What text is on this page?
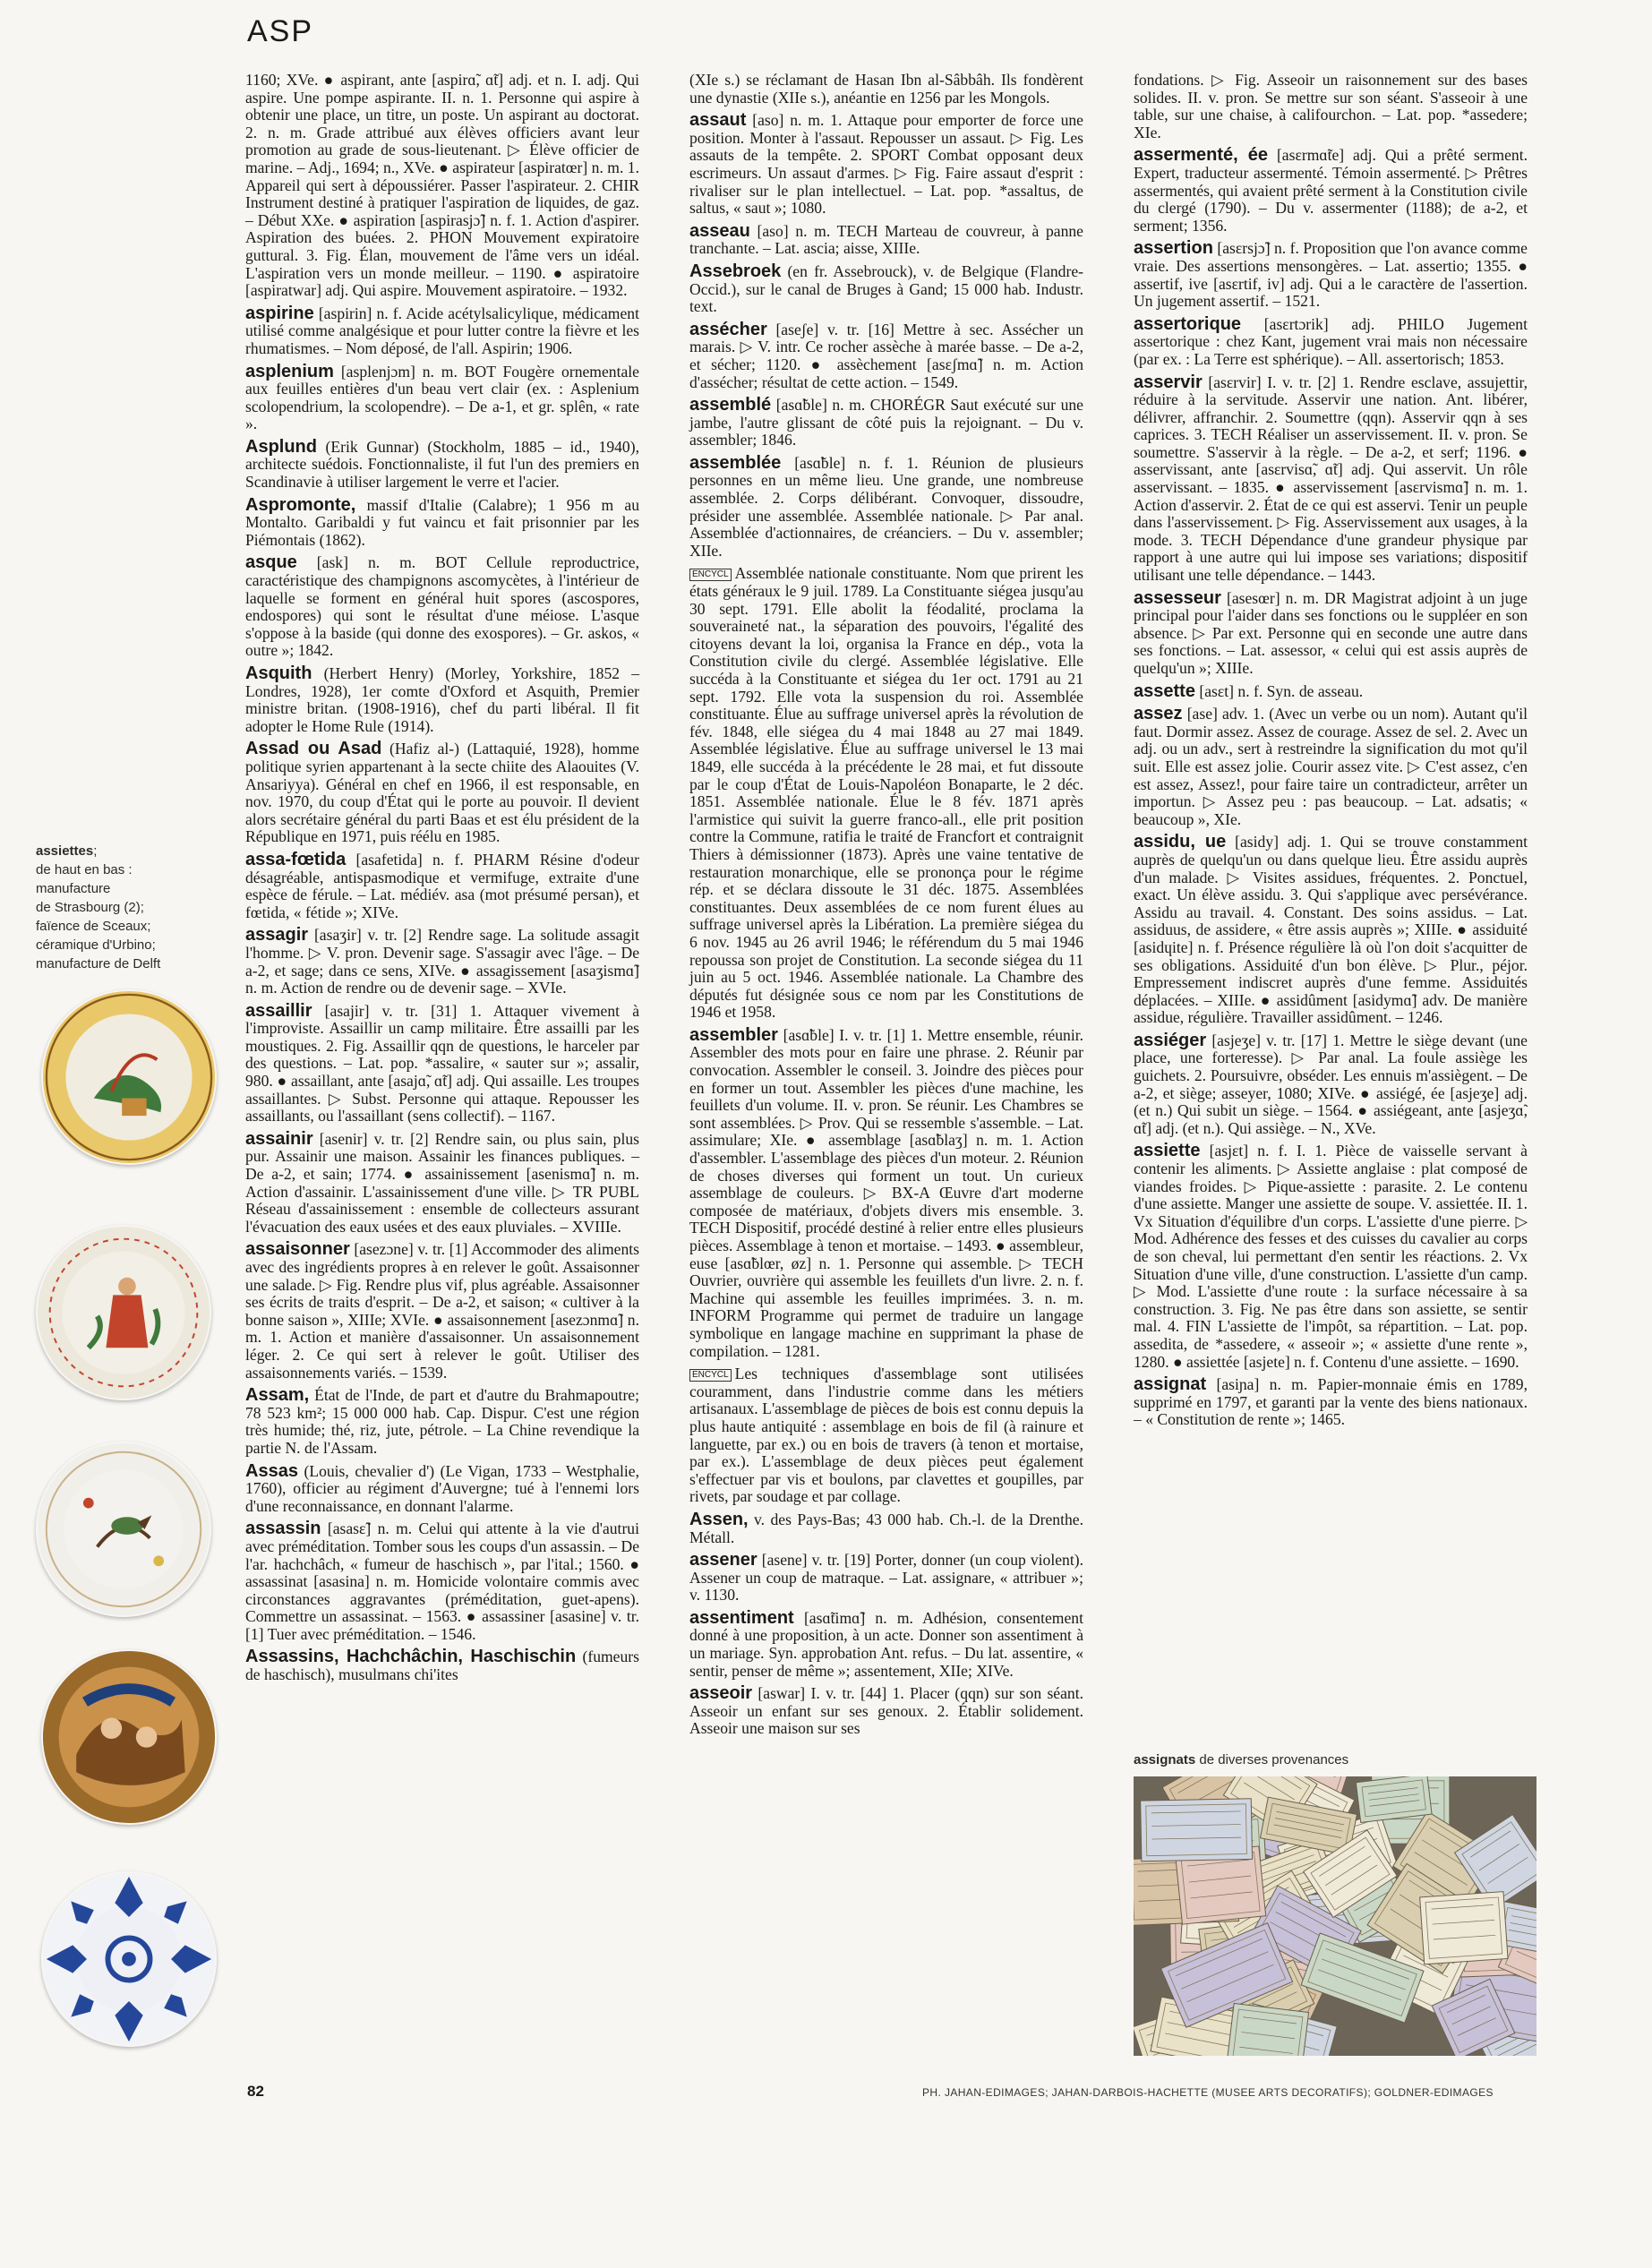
ASP
assiettes;
de haut en bas :
manufacture
de Strasbourg (2);
faïence de Sceaux;
céramique d'Urbino;
manufacture de Delft

1160; XVe. ● aspirant, ante [aspirɑ̃, ɑ̃t] adj. et n. I. adj. Qui aspire. Une pompe aspirante. II. n. 1. Personne qui aspire à obtenir une place, un titre, un poste. Un aspirant au doctorat. 2. n. m. Grade attribué aux élèves officiers avant leur promotion au grade de sous-lieutenant. ▷ Élève officier de marine. – Adj., 1694; n., XVe. ● aspirateur [aspiratœr] n. m. 1. Appareil qui sert à dépoussiérer. Passer l'aspirateur. 2. CHIR Instrument destiné à pratiquer l'aspiration de liquides, de gaz. – Début XXe. ● aspiration [aspirasjɔ̃] n. f. 1. Action d'aspirer. Aspiration des buées. 2. PHON Mouvement expiratoire guttural. 3. Fig. Élan, mouvement de l'âme vers un idéal. L'aspiration vers un monde meilleur. – 1190. ● aspiratoire [aspiratwar] adj. Qui aspire. Mouvement aspiratoire. – 1932.

aspirine [aspirin] n. f. Acide acétylsalicylique, médicament utilisé comme analgésique et pour lutter contre la fièvre et les rhumatismes. – Nom déposé, de l'all. Aspirin; 1906.

asplenium [asplenjɔm] n. m. BOT Fougère ornementale aux feuilles entières d'un beau vert clair (ex. : Asplenium scolopendrium, la scolopendre). – De a-1, et gr. splên, « rate ».

Asplund (Erik Gunnar) (Stockholm, 1885 – id., 1940), architecte suédois. Fonctionnaliste, il fut l'un des premiers en Scandinavie à utiliser largement le verre et l'acier.

Aspromonte, massif d'Italie (Calabre); 1 956 m au Montalto. Garibaldi y fut vaincu et fait prisonnier par les Piémontais (1862).

asque [ask] n. m. BOT Cellule reproductrice, caractéristique des champignons ascomycètes, à l'intérieur de laquelle se forment en général huit spores (ascospores, endospores) qui sont le résultat d'une méiose. L'asque s'oppose à la baside (qui donne des exospores). – Gr. askos, « outre »; 1842.

Asquith (Herbert Henry) (Morley, Yorkshire, 1852 – Londres, 1928), 1er comte d'Oxford et Asquith, Premier ministre britan. (1908-1916), chef du parti libéral. Il fit adopter le Home Rule (1914).

Assad ou Asad (Hafiz al-) (Lattaquié, 1928), homme politique syrien appartenant à la secte chiite des Alaouites (V. Ansariyya). Général en chef en 1966, il est responsable, en nov. 1970, du coup d'État qui le porte au pouvoir. Il devient alors secrétaire général du parti Baas et est élu président de la République en 1971, puis réélu en 1985.

assa-fœtida [asafetida] n. f. PHARM Résine d'odeur désagréable, antispasmodique et vermifuge, extraite d'une espèce de férule. – Lat. médiév. asa (mot présumé persan), et fœtida, « fétide »; XIVe.

assagir [asaʒir] v. tr. [2] Rendre sage. La solitude assagit l'homme. ▷ V. pron. Devenir sage. S'assagir avec l'âge. – De a-2, et sage; dans ce sens, XIVe. ● assagissement [asaʒismɑ̃] n. m. Action de rendre ou de devenir sage. – XVIe.

assaillir [asajir] v. tr. [31] 1. Attaquer vivement à l'improviste. Assaillir un camp militaire. Être assailli par les moustiques. 2. Fig. Assaillir qqn de questions, le harceler par des questions. – Lat. pop. *assalire, « sauter sur »; assalir, 980. ● assaillant, ante [asajɑ̃, ɑ̃t] adj. Qui assaille. Les troupes assaillantes. ▷ Subst. Personne qui attaque. Repousser les assaillants, ou l'assaillant (sens collectif). – 1167.

assainir [asenir] v. tr. [2] Rendre sain, ou plus sain, plus pur. Assainir une maison. Assainir les finances publiques. – De a-2, et sain; 1774. ● assainissement [asenismɑ̃] n. m. Action d'assainir. L'assainissement d'une ville. ▷ TR PUBL Réseau d'assainissement : ensemble de collecteurs assurant l'évacuation des eaux usées et des eaux pluviales. – XVIIIe.

assaisonner [asezɔne] v. tr. [1] Accommoder des aliments avec des ingrédients propres à en relever le goût. Assaisonner une salade. ▷ Fig. Rendre plus vif, plus agréable. Assaisonner ses écrits de traits d'esprit. – De a-2, et saison; « cultiver à la bonne saison », XIIIe; XVIe. ● assaisonnement [asezɔnmɑ̃] n. m. 1. Action et manière d'assaisonner. Un assaisonnement léger. 2. Ce qui sert à relever le goût. Utiliser des assaisonnements variés. – 1539.

Assam, État de l'Inde, de part et d'autre du Brahmapoutre; 78 523 km²; 15 000 000 hab. Cap. Dispur. C'est une région très humide; thé, riz, jute, pétrole. – La Chine revendique la partie N. de l'Assam.

Assas (Louis, chevalier d') (Le Vigan, 1733 – Westphalie, 1760), officier au régiment d'Auvergne; tué à l'ennemi lors d'une reconnaissance, en donnant l'alarme.

assassin [asasɛ̃] n. m. Celui qui attente à la vie d'autrui avec préméditation. Tomber sous les coups d'un assassin. – De l'ar. hachchâch, « fumeur de haschisch », par l'ital.; 1560. ● assassinat [asasina] n. m. Homicide volontaire commis avec circonstances aggravantes (préméditation, guet-apens). Commettre un assassinat. – 1563. ● assassiner [asasine] v. tr. [1] Tuer avec préméditation. – 1546.

Assassins, Hachchâchin, Haschischin (fumeurs de haschisch), musulmans chi'ites

(XIe s.) se réclamant de Hasan Ibn al-Sâbbâh. Ils fondèrent une dynastie (XIIe s.), anéantie en 1256 par les Mongols.

assaut [aso] n. m. 1. Attaque pour emporter de force une position. Monter à l'assaut. Repousser un assaut. ▷ Fig. Les assauts de la tempête. 2. SPORT Combat opposant deux escrimeurs. Un assaut d'armes. ▷ Fig. Faire assaut d'esprit : rivaliser sur le plan intellectuel. – Lat. pop. *assaltus, de saltus, « saut »; 1080.

asseau [aso] n. m. TECH Marteau de couvreur, à panne tranchante. – Lat. ascia; aisse, XIIIe.

Assebroek (en fr. Assebrouck), v. de Belgique (Flandre-Occid.), sur le canal de Bruges à Gand; 15 000 hab. Industr. text.

assécher [aseʃe] v. tr. [16] Mettre à sec. Assécher un marais. ▷ V. intr. Ce rocher assèche à marée basse. – De a-2, et sécher; 1120. ● assèchement [asɛʃmɑ̃] n. m. Action d'assécher; résultat de cette action. – 1549.

assemblé [asɑ̃ble] n. m. CHORÉGR Saut exécuté sur une jambe, l'autre glissant de côté puis la rejoignant. – Du v. assembler; 1846.

assemblée [asɑ̃ble] n. f. 1. Réunion de plusieurs personnes en un même lieu. Une grande, une nombreuse assemblée. 2. Corps délibérant. Convoquer, dissoudre, présider une assemblée. Assemblée nationale. ▷ Par anal. Assemblée d'actionnaires, de créanciers. – Du v. assembler; XIIe.

ENCYCL Assemblée nationale constituante. Nom que prirent les états généraux le 9 juil. 1789. La Constituante siégea jusqu'au 30 sept. 1791. Elle abolit la féodalité, proclama la souveraineté nat., la séparation des pouvoirs, l'égalité des citoyens devant la loi, organisa la France en dép., vota la Constitution civile du clergé. Assemblée législative. Elle succéda à la Constituante et siégea du 1er oct. 1791 au 21 sept. 1792. Elle vota la suspension du roi. Assemblée constituante. Élue au suffrage universel après la révolution de fév. 1848, elle siégea du 4 mai 1848 au 27 mai 1849. Assemblée législative. Élue au suffrage universel le 13 mai 1849, elle succéda à la précédente le 28 mai, et fut dissoute par le coup d'État de Louis-Napoléon Bonaparte, le 2 déc. 1851. Assemblée nationale. Élue le 8 fév. 1871 après l'armistice qui suivit la guerre franco-all., elle prit position contre la Commune, ratifia le traité de Francfort et contraignit Thiers à démissionner (1873). Après une vaine tentative de restauration monarchique, elle se prononça pour le régime rép. et se déclara dissoute le 31 déc. 1875. Assemblées constituantes. Deux assemblées de ce nom furent élues au suffrage universel après la Libération. La première siégea du 6 nov. 1945 au 26 avril 1946; le référendum du 5 mai 1946 repoussa son projet de Constitution. La seconde siégea du 11 juin au 5 oct. 1946. Assemblée nationale. La Chambre des députés fut désignée sous ce nom par les Constitutions de 1946 et 1958.

assembler [asɑ̃ble] I. v. tr. [1] 1. Mettre ensemble, réunir. Assembler des mots pour en faire une phrase. 2. Réunir par convocation. Assembler le conseil. 3. Joindre des pièces pour en former un tout. Assembler les pièces d'une machine, les feuillets d'un volume. II. v. pron. Se réunir. Les Chambres se sont assemblées. ▷ Prov. Qui se ressemble s'assemble. – Lat. assimulare; XIe. ● assemblage [asɑ̃blaʒ] n. m. 1. Action d'assembler. L'assemblage des pièces d'un moteur. 2. Réunion de choses diverses qui forment un tout. Un curieux assemblage de couleurs. ▷ BX-A Œuvre d'art moderne composée de matériaux, d'objets divers mis ensemble. 3. TECH Dispositif, procédé destiné à relier entre elles plusieurs pièces. Assemblage à tenon et mortaise. – 1493. ● assembleur, euse [asɑ̃blœr, øz] n. 1. Personne qui assemble. ▷ TECH Ouvrier, ouvrière qui assemble les feuillets d'un livre. 2. n. f. Machine qui assemble les feuilles imprimées. 3. n. m. INFORM Programme qui permet de traduire un langage symbolique en langage machine en supprimant la phase de compilation. – 1281.

ENCYCL Les techniques d'assemblage sont utilisées couramment, dans l'industrie comme dans les métiers artisanaux. L'assemblage de pièces de bois est connu depuis la plus haute antiquité : assemblage en bois de fil (à rainure et languette, par ex.) ou en bois de travers (à tenon et mortaise, par ex.). L'assemblage de deux pièces peut également s'effectuer par vis et boulons, par clavettes et goupilles, par rivets, par soudage et par collage.

Assen, v. des Pays-Bas; 43 000 hab. Ch.-l. de la Drenthe. Métall.

assener [asene] v. tr. [19] Porter, donner (un coup violent). Assener un coup de matraque. – Lat. assignare, « attribuer »; v. 1130.

assentiment [asɑ̃timɑ̃] n. m. Adhésion, consentement donné à une proposition, à un acte. Donner son assentiment à un mariage. Syn. approbation Ant. refus. – Du lat. assentire, « sentir, penser de même »; assentement, XIIe; XIVe.

asseoir [aswar] I. v. tr. [44] 1. Placer (qqn) sur son séant. Asseoir un enfant sur ses genoux. 2. Établir solidement. Asseoir une maison sur ses

fondations. ▷ Fig. Asseoir un raisonnement sur des bases solides. II. v. pron. Se mettre sur son séant. S'asseoir à une table, sur une chaise, à califourchon. – Lat. pop. *assedere; XIe.

assermenté, ée [asɛrmɑ̃te] adj. Qui a prêté serment. Expert, traducteur assermenté. Témoin assermenté. ▷ Prêtres assermentés, qui avaient prêté serment à la Constitution civile du clergé (1790). – Du v. assermenter (1188); de a-2, et serment; 1356.

assertion [asɛrsjɔ̃] n. f. Proposition que l'on avance comme vraie. Des assertions mensongères. – Lat. assertio; 1355. ● assertif, ive [asɛrtif, iv] adj. Qui a le caractère de l'assertion. Un jugement assertif. – 1521.

assertorique [asɛrtɔrik] adj. PHILO Jugement assertorique : chez Kant, jugement vrai mais non nécessaire (par ex. : La Terre est sphérique). – All. assertorisch; 1853.

asservir [asɛrvir] I. v. tr. [2] 1. Rendre esclave, assujettir, réduire à la servitude. Asservir une nation. Ant. libérer, délivrer, affranchir. 2. Soumettre (qqn). Asservir qqn à ses caprices. 3. TECH Réaliser un asservissement. II. v. pron. Se soumettre. S'asservir à la règle. – De a-2, et serf; 1196. ● asservissant, ante [asɛrvisɑ̃, ɑ̃t] adj. Qui asservit. Un rôle asservissant. – 1835. ● asservissement [asɛrvismɑ̃] n. m. 1. Action d'asservir. 2. État de ce qui est asservi. Tenir un peuple dans l'asservissement. ▷ Fig. Asservissement aux usages, à la mode. 3. TECH Dépendance d'une grandeur physique par rapport à une autre qui lui impose ses variations; dispositif utilisant une telle dépendance. – 1443.

assesseur [asesœr] n. m. DR Magistrat adjoint à un juge principal pour l'aider dans ses fonctions ou le suppléer en son absence. ▷ Par ext. Personne qui en seconde une autre dans ses fonctions. – Lat. assessor, « celui qui est assis auprès de quelqu'un »; XIIIe.

assette [asɛt] n. f. Syn. de asseau.

assez [ase] adv. 1. (Avec un verbe ou un nom). Autant qu'il faut. Dormir assez. Assez de courage. Assez de sel. 2. Avec un adj. ou un adv., sert à restreindre la signification du mot qu'il suit. Elle est assez jolie. Courir assez vite. ▷ C'est assez, c'en est assez, Assez!, pour faire taire un contradicteur, arrêter un importun. ▷ Assez peu : pas beaucoup. – Lat. adsatis; « beaucoup », XIe.

assidu, ue [asidy] adj. 1. Qui se trouve constamment auprès de quelqu'un ou dans quelque lieu. Être assidu auprès d'un malade. ▷ Visites assidues, fréquentes. 2. Ponctuel, exact. Un élève assidu. 3. Qui s'applique avec persévérance. Assidu au travail. 4. Constant. Des soins assidus. – Lat. assiduus, de assidere, « être assis auprès »; XIIIe. ● assiduité [asidɥite] n. f. Présence régulière là où l'on doit s'acquitter de ses obligations. Assiduité d'un bon élève. ▷ Plur., péjor. Empressement indiscret auprès d'une femme. Assiduités déplacées. – XIIIe. ● assidûment [asidymɑ̃] adv. De manière assidue, régulière. Travailler assidûment. – 1246.

assiéger [asjeʒe] v. tr. [17] 1. Mettre le siège devant (une place, une forteresse). ▷ Par anal. La foule assiège les guichets. 2. Poursuivre, obséder. Les ennuis m'assiègent. – De a-2, et siège; asseyer, 1080; XIVe. ● assiégé, ée [asjeʒe] adj. (et n.) Qui subit un siège. – 1564. ● assiégeant, ante [asjeʒɑ̃, ɑ̃t] adj. (et n.). Qui assiège. – N., XVe.

assiette [asjɛt] n. f. I. 1. Pièce de vaisselle servant à contenir les aliments. ▷ Assiette anglaise : plat composé de viandes froides. ▷ Pique-assiette : parasite. 2. Le contenu d'une assiette. Manger une assiette de soupe. V. assiettée. II. 1. Vx Situation d'équilibre d'un corps. L'assiette d'une pierre. ▷ Mod. Adhérence des fesses et des cuisses du cavalier au corps de son cheval, lui permettant d'en sentir les réactions. 2. Vx Situation d'une ville, d'une construction. L'assiette d'un camp. ▷ Mod. L'assiette d'une route : la surface nécessaire à sa construction. 3. Fig. Ne pas être dans son assiette, se sentir mal. 4. FIN L'assiette de l'impôt, sa répartition. – Lat. pop. assedita, de *assedere, « asseoir »; « assiette d'une rente », 1280. ● assiettée [asjete] n. f. Contenu d'une assiette. – 1690.

assignat [asiɲa] n. m. Papier-monnaie émis en 1789, supprimé en 1797, et garanti par la vente des biens nationaux. – « Constitution de rente »; 1465.

assignats de diverses provenances
82	PH. JAHAN-EDIMAGES; JAHAN-DARBOIS-HACHETTE (MUSEE ARTS DECORATIFS); GOLDNER-EDIMAGES
